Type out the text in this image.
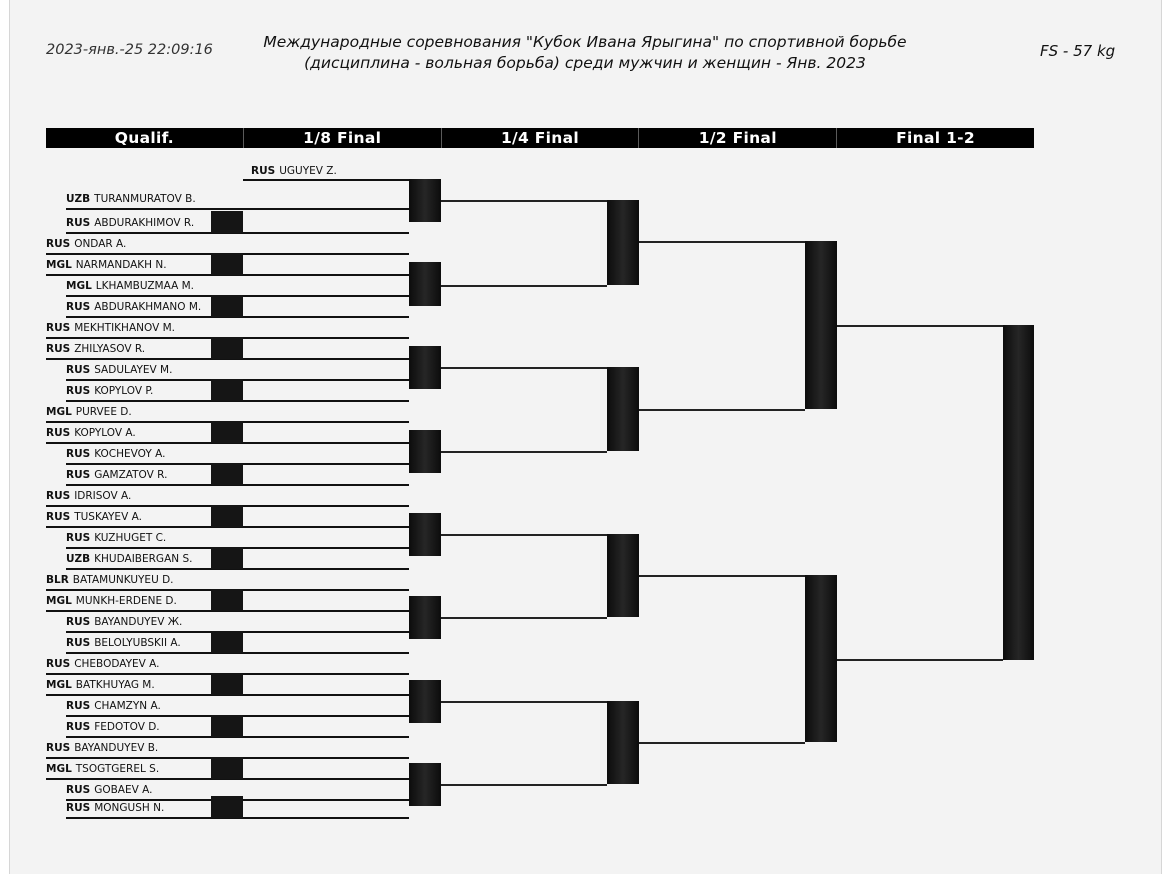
2023-янв.-25 22:09:16	Международные соревнования "Кубок Ивана Ярыгина" по спортивной борьбе
(дисциплина - вольная борьба) среди мужчин и женщин - Янв. 2023
FS - 57 kg
Qualif.	1/8 Final	1/4 Final	1/2 Final	Final 1-2
RUS UGUYEV Z.
UZB TURANMURATOV B.
RUS ABDURAKHIMOV R.
RUS ONDAR A.
MGL NARMANDAKH N.
MGL LKHAMBUZMAA M.
RUS ABDURAKHMANO M.
RUS MEKHTIKHANOV M.
RUS ZHILYASOV R.
RUS SADULAYEV M.
RUS KOPYLOV P.
MGL PURVEE D.
RUS KOPYLOV A.
RUS KOCHEVOY A.
RUS GAMZATOV R.
RUS IDRISOV A.
RUS TUSKAYEV A.
RUS KUZHUGET C.
UZB KHUDAIBERGAN S.
BLR BATAMUNKUYEU D.
MGL MUNKH-ERDENE D.
RUS BAYANDUYEV Ж.
RUS BELOLYUBSKII A.
RUS CHEBODAYEV A.
MGL BATKHUYAG M.
RUS CHAMZYN A.
RUS FEDOTOV D.
RUS BAYANDUYEV B.
MGL TSOGTGEREL S.
RUS GOBAEV A.
RUS MONGUSH N.
